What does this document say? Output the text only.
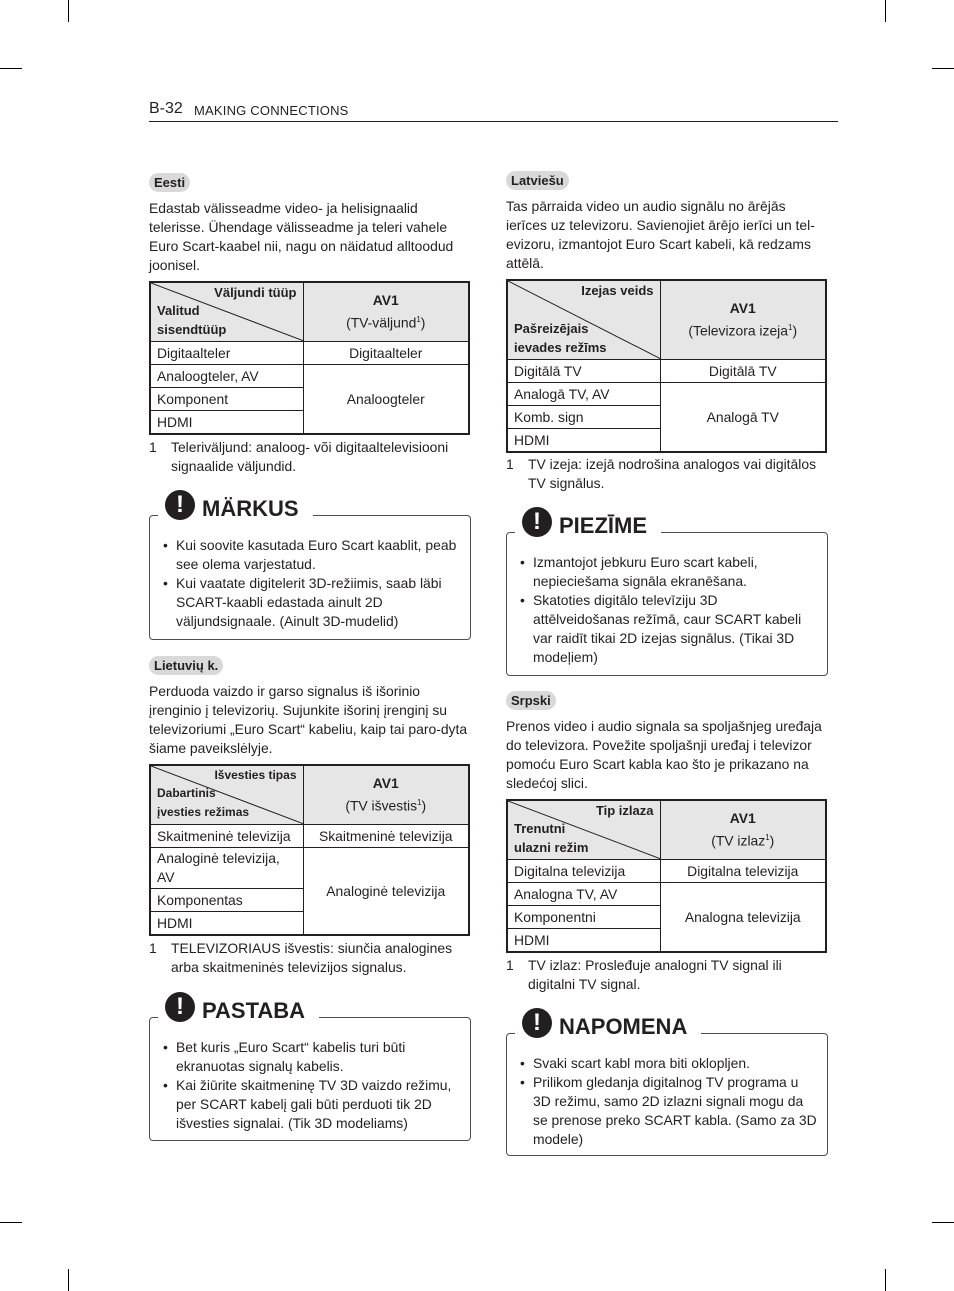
B-32 MAKING CONNECTIONS
Eesti

Edastab välisseadme video- ja helisignaalid telerisse. Ühendage välisseadme ja teleri vahele Euro Scart-kaabel nii, nagu on näidatud alltoodud joonisel.

Väljundi tüüp
Valitud
sisendtüüp	AV1
(TV-väljund$^1$)
Digitaalteler	Digitaalteler
Analoogteler, AV	Analoogteler
Komponent	
HDMI	
1 Teleriväljund: analoog- või digitaaltelevisiooni signaalide väljundid.
!
MÄRKUS
• Kui soovite kasutada Euro Scart kaablit, peab see olema varjestatud.
• Kui vaatate digitelerit 3D-režiimis, saab läbi SCART-kaabli edastada ainult 2D väljundsignaale. (Ainult 3D-mudelid)
Lietuvių k.

Perduoda vaizdo ir garso signalus iš išorinio įrenginio į televizorių. Sujunkite išorinį įrenginį su televizoriumi „Euro Scart“ kabeliu, kaip tai paro-dyta šiame paveikslėlyje.

Išvesties tipas
Dabartinis
įvesties režimas	AV1
(TV išvestis$^1$)
Skaitmeninė televizija	Skaitmeninė televizija
Analoginė televizija, AV	Analoginė televizija
Komponentas	
HDMI	
1 TELEVIZORIAUS išvestis: siunčia analogines arba skaitmeninės televizijos signalus.
!
PASTABA
• Bet kuris „Euro Scart“ kabelis turi būti ekranuotas signalų kabelis.
• Kai žiūrite skaitmeninę TV 3D vaizdo režimu, per SCART kabelį gali būti perduoti tik 2D išvesties signalai. (Tik 3D modeliams)
Latviešu

Tas pārraida video un audio signālu no ārējās ierīces uz televizoru. Savienojiet ārējo ierīci un tel-evizoru, izmantojot Euro Scart kabeli, kā redzams attēlā.

Izejas veids
Pašreizējais
ievades režīms	AV1
(Televizora izeja$^1$)
Digitālā TV	Digitālā TV
Analogā TV, AV	Analogā TV
Komb. sign	
HDMI	
1 TV izeja: izejā nodrošina analogos vai digitālos TV signālus.
!
PIEZĪME
• Izmantojot jebkuru Euro scart kabeli, nepieciešama signāla ekranēšana.
• Skatoties digitālo televīziju 3D attēlveidošanas režīmā, caur SCART kabeli var raidīt tikai 2D izejas signālus. (Tikai 3D modeļiem)
Srpski

Prenos video i audio signala sa spoljašnjeg uređaja do televizora. Povežite spoljašnji uređaj i televizor pomoću Euro Scart kabla kao što je prikazano na sledećoj slici.

Tip izlaza
Trenutni
ulazni režim	AV1
(TV izlaz$^1$)
Digitalna televizija	Digitalna televizija
Analogna TV, AV	Analogna televizija
Komponentni	
HDMI	
1 TV izlaz: Prosleđuje analogni TV signal ili digitalni TV signal.
!
NAPOMENA
• Svaki scart kabl mora biti okloplјen.
• Prilikom gledanja digitalnog TV programa u 3D režimu, samo 2D izlazni signali mogu da se prenose preko SCART kabla. (Samo za 3D modele)
